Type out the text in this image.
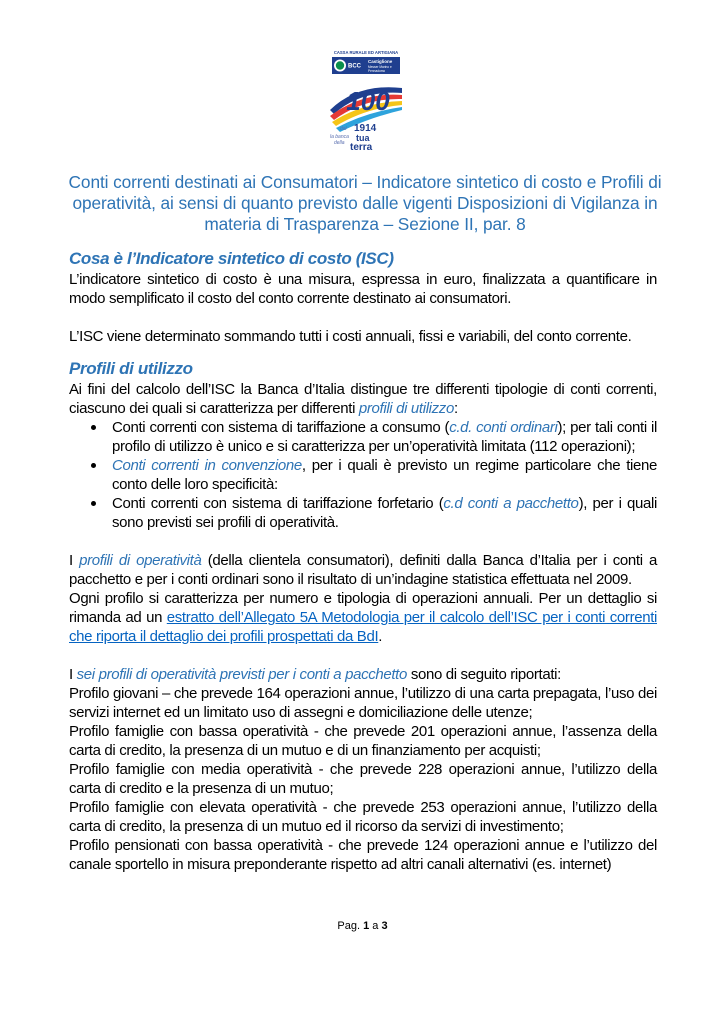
CASSA RURALE ED ARTIGIANA
BCC
Castiglione
Messer Marino e
Pennadomo
100
dal 1914
la banca
della tua
terra
Conti correnti destinati ai Consumatori – Indicatore sintetico di costo e Profili di operatività, ai sensi di quanto previsto dalle vigenti Disposizioni di Vigilanza in materia di Trasparenza – Sezione II, par. 8
Cosa è l’Indicatore sintetico di costo (ISC)

L’indicatore sintetico di costo è una misura, espressa in euro, finalizzata a quantificare in modo semplificato il costo del conto corrente destinato ai consumatori.

L’ISC viene determinato sommando tutti i costi annuali, fissi e variabili, del conto corrente.

Profili di utilizzo

Ai fini del calcolo dell’ISC la Banca d’Italia distingue tre differenti tipologie di conti correnti, ciascuno dei quali si caratterizza per differenti profili di utilizzo:

Conti correnti con sistema di tariffazione a consumo (c.d. conti ordinari); per tali conti il profilo di utilizzo è unico e si caratterizza per un’operatività limitata (112 operazioni);
Conti correnti in convenzione, per i quali è previsto un regime particolare che tiene conto delle loro specificità:
Conti correnti con sistema di tariffazione forfetario (c.d conti a pacchetto), per i quali sono previsti sei profili di operatività.

I profili di operatività (della clientela consumatori), definiti dalla Banca d’Italia per i conti a pacchetto e per i conti ordinari sono il risultato di un’indagine statistica effettuata nel 2009.

Ogni profilo si caratterizza per numero e tipologia di operazioni annuali. Per un dettaglio si rimanda ad un estratto dell’Allegato 5A Metodologia per il calcolo dell’ISC per i conti correnti che riporta il dettaglio dei profili prospettati da BdI.

I sei profili di operatività previsti per i conti a pacchetto sono di seguito riportati:

Profilo giovani – che prevede 164 operazioni annue, l’utilizzo di una carta prepagata, l’uso dei servizi internet ed un limitato uso di assegni e domiciliazione delle utenze;

Profilo famiglie con bassa operatività - che prevede 201 operazioni annue, l’assenza della carta di credito, la presenza di un mutuo e di un finanziamento per acquisti;

Profilo famiglie con media operatività - che prevede 228 operazioni annue, l’utilizzo della carta di credito e la presenza di un mutuo;

Profilo famiglie con elevata operatività - che prevede 253 operazioni annue, l’utilizzo della carta di credito, la presenza di un mutuo ed il ricorso da servizi di investimento;

Profilo pensionati con bassa operatività - che prevede 124 operazioni annue e l’utilizzo del canale sportello in misura preponderante rispetto ad altri canali alternativi (es. internet)

Pag. 1 a 3
